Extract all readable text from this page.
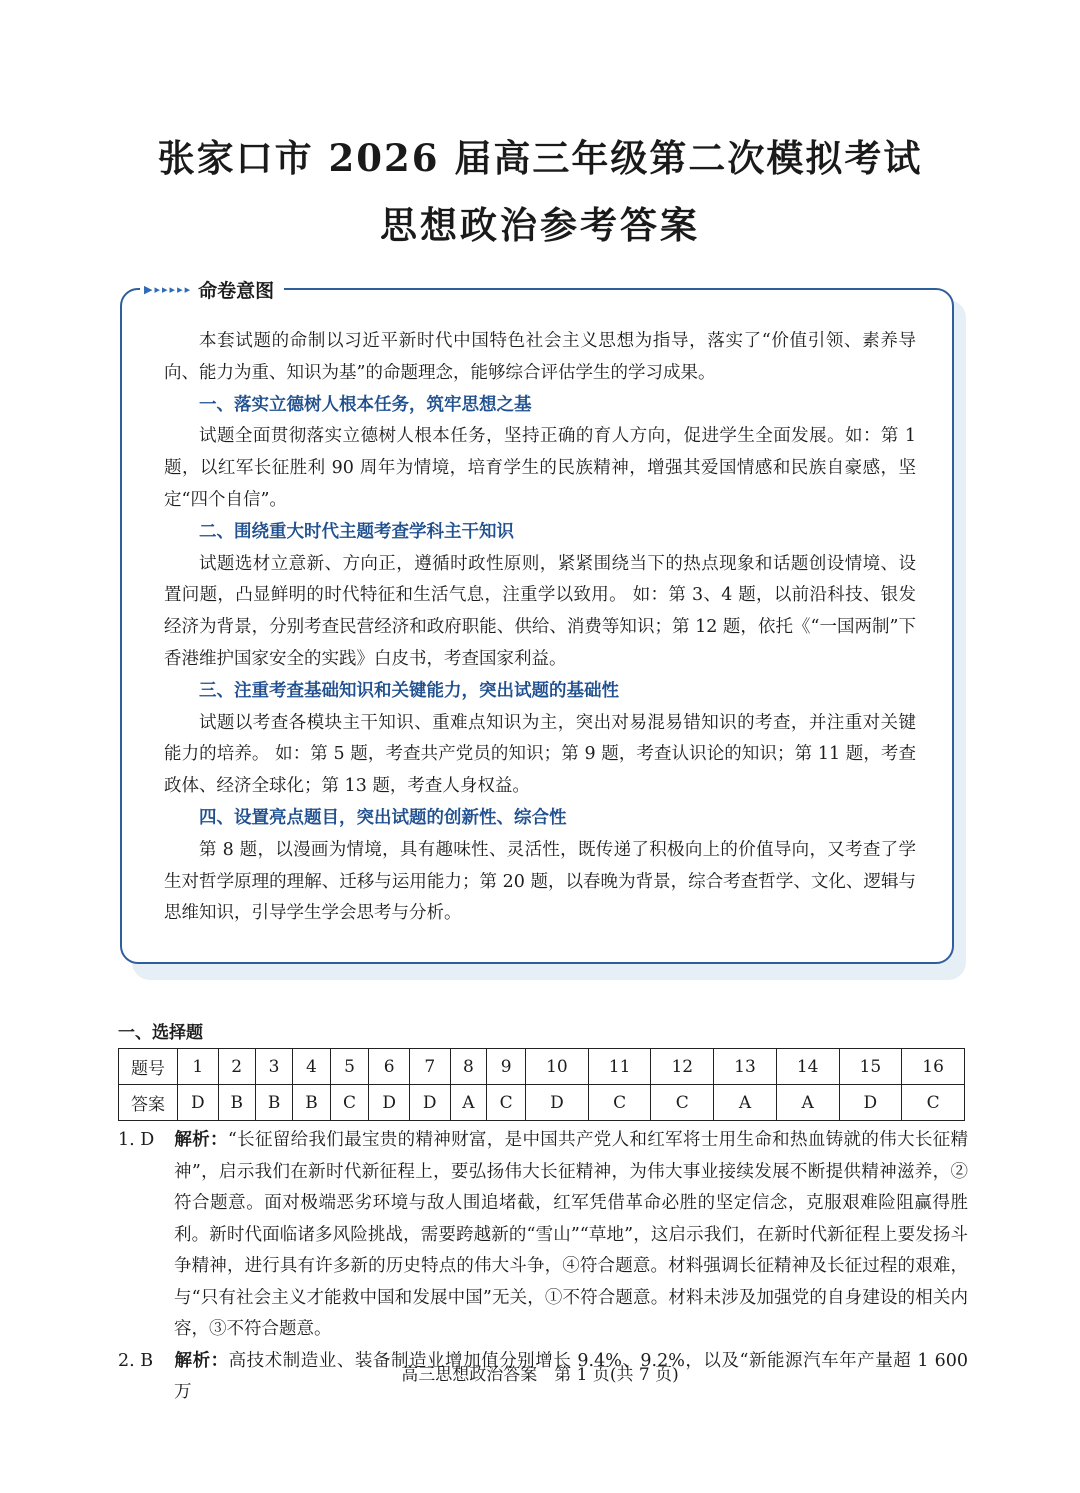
张家口市 2026 届高三年级第二次模拟考试
思想政治参考答案
▶ ▸ ▸ ▸ ▸ ▸ 命卷意图

本套试题的命制以习近平新时代中国特色社会主义思想为指导，落实了“价值引领、素养导向、能力为重、知识为基”的命题理念，能够综合评估学生的学习成果。

一、落实立德树人根本任务，筑牢思想之基

试题全面贯彻落实立德树人根本任务，坚持正确的育人方向，促进学生全面发展。如：第 1 题，以红军长征胜利 90 周年为情境，培育学生的民族精神，增强其爱国情感和民族自豪感，坚定“四个自信”。

二、围绕重大时代主题考查学科主干知识

试题选材立意新、方向正，遵循时政性原则，紧紧围绕当下的热点现象和话题创设情境、设置问题，凸显鲜明的时代特征和生活气息，注重学以致用。 如：第 3、4 题，以前沿科技、银发经济为背景，分别考查民营经济和政府职能、供给、消费等知识；第 12 题，依托《“一国两制”下香港维护国家安全的实践》白皮书，考查国家利益。

三、注重考查基础知识和关键能力，突出试题的基础性

试题以考查各模块主干知识、重难点知识为主，突出对易混易错知识的考查，并注重对关键能力的培养。 如：第 5 题，考查共产党员的知识；第 9 题，考查认识论的知识；第 11 题，考查政体、经济全球化；第 13 题，考查人身权益。

四、设置亮点题目，突出试题的创新性、综合性

第 8 题，以漫画为情境，具有趣味性、灵活性，既传递了积极向上的价值导向，又考查了学生对哲学原理的理解、迁移与运用能力；第 20 题，以春晚为背景，综合考查哲学、文化、逻辑与思维知识，引导学生学会思考与分析。

一、选择题
题号	1	2	3	4	5	6	7	8	9	10	11	12	13	14	15	16
答案	D	B	B	B	C	D	D	A	C	D	C	C	A	A	D	C
1. D	解析：“长征留给我们最宝贵的精神财富，是中国共产党人和红军将士用生命和热血铸就的伟大长征精神”，启示我们在新时代新征程上，要弘扬伟大长征精神，为伟大事业接续发展不断提供精神滋养，②符合题意。面对极端恶劣环境与敌人围追堵截，红军凭借革命必胜的坚定信念，克服艰难险阻赢得胜利。新时代面临诸多风险挑战，需要跨越新的“雪山”“草地”，这启示我们，在新时代新征程上要发扬斗争精神，进行具有许多新的历史特点的伟大斗争，④符合题意。材料强调长征精神及长征过程的艰难，与“只有社会主义才能救中国和发展中国”无关，①不符合题意。材料未涉及加强党的自身建设的相关内容，③不符合题意。
2. B	解析：高技术制造业、装备制造业增加值分别增长 9.4%、9.2%，以及“新能源汽车年产量超 1 600 万
高三思想政治答案　第 1 页(共 7 页)
